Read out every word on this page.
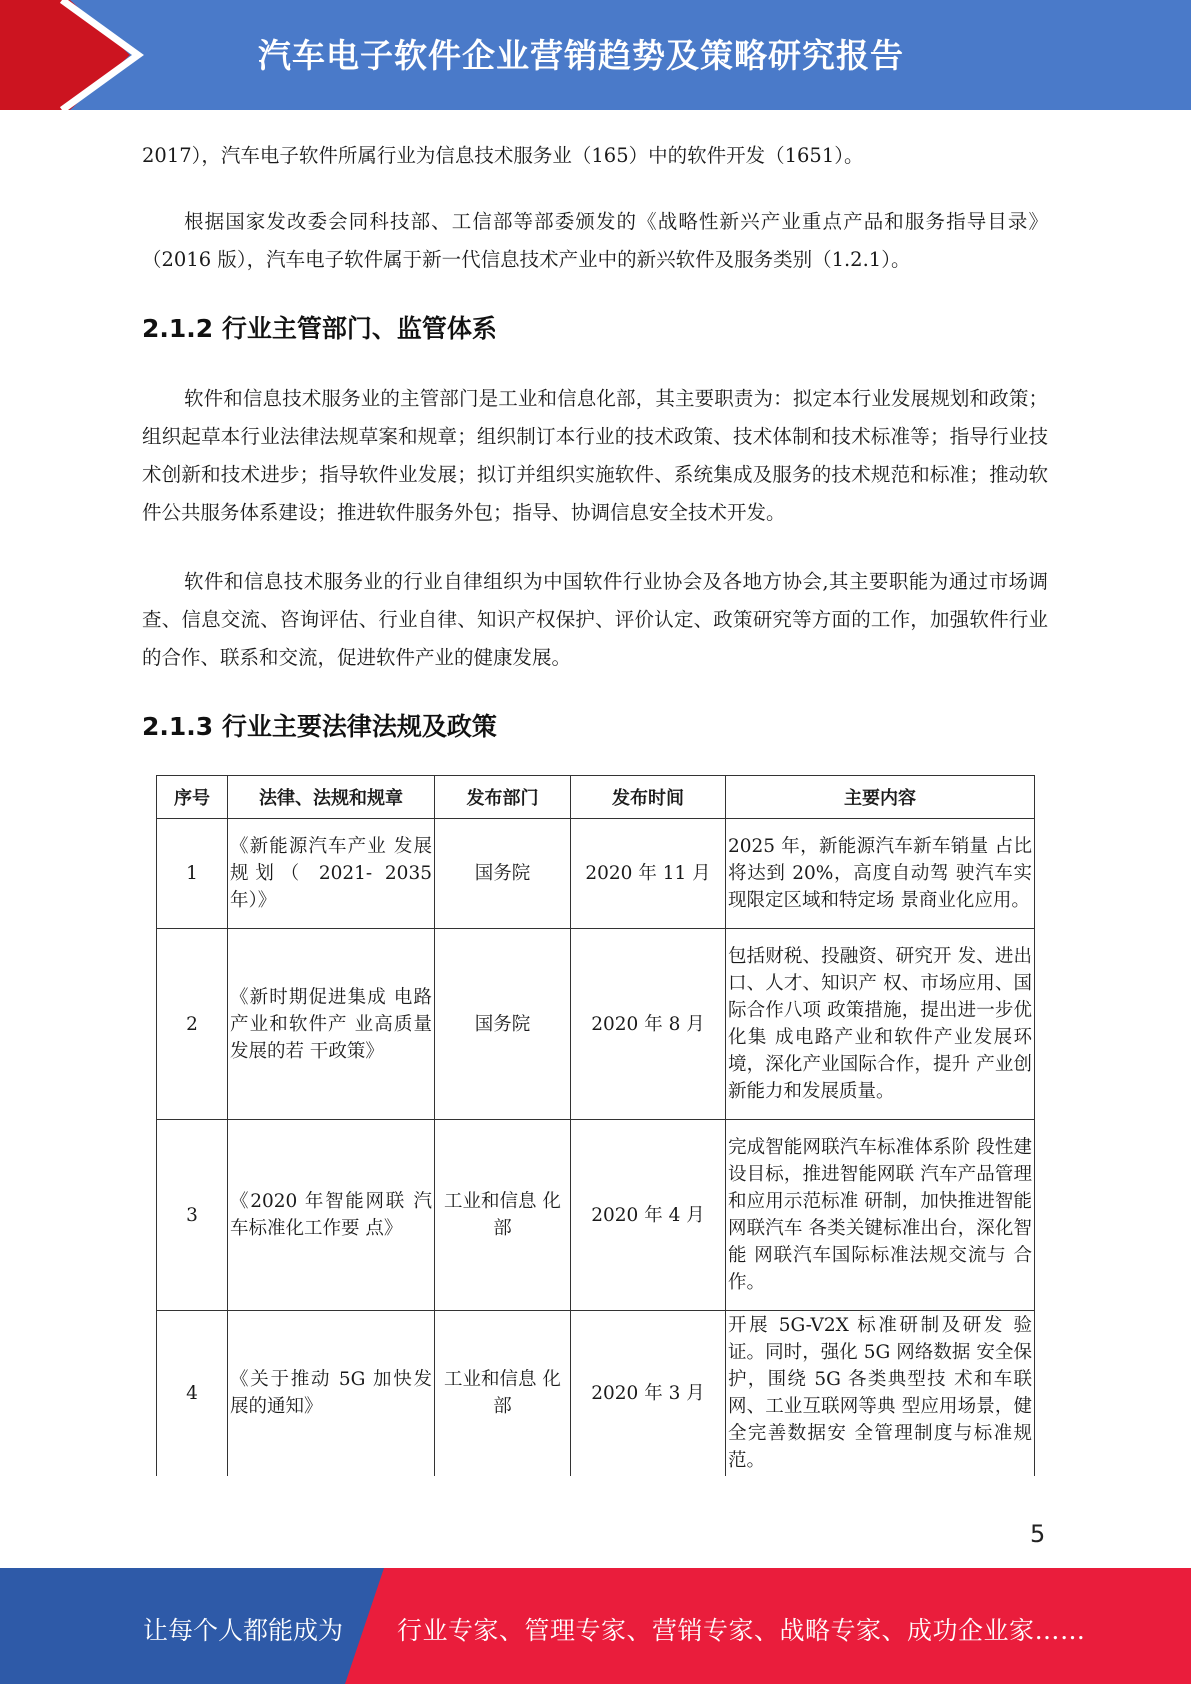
汽车电子软件企业营销趋势及策略研究报告

2017），汽车电子软件所属行业为信息技术服务业（165）中的软件开发（1651）。

根据国家发改委会同科技部、工信部等部委颁发的《战略性新兴产业重点产品和服务指导目录》（2016 版），汽车电子软件属于新一代信息技术产业中的新兴软件及服务类别（1.2.1）。

2.1.2 行业主管部门、监管体系

软件和信息技术服务业的主管部门是工业和信息化部，其主要职责为：拟定本行业发展规划和政策；组织起草本行业法律法规草案和规章；组织制订本行业的技术政策、技术体制和技术标准等；指导行业技术创新和技术进步；指导软件业发展；拟订并组织实施软件、系统集成及服务的技术规范和标准；推动软件公共服务体系建设；推进软件服务外包；指导、协调信息安全技术开发。

软件和信息技术服务业的行业自律组织为中国软件行业协会及各地方协会,其主要职能为通过市场调查、信息交流、咨询评估、行业自律、知识产权保护、评价认定、政策研究等方面的工作，加强软件行业的合作、联系和交流，促进软件产业的健康发展。

2.1.3 行业主要法律法规及政策
序号	法律、法规和规章	发布部门	发布时间	主要内容
1	《新能源汽车产业 发展规划（ 2021- 2035 年）》	国务院	2020 年 11 月	2025 年，新能源汽车新车销量 占比将达到 20%，高度自动驾 驶汽车实现限定区域和特定场 景商业化应用。
2	《新时期促进集成 电路产业和软件产 业高质量发展的若 干政策》	国务院	2020 年 8 月	包括财税、投融资、研究开 发、进出口、人才、知识产 权、市场应用、国际合作八项 政策措施，提出进一步优化集 成电路产业和软件产业发展环 境，深化产业国际合作，提升 产业创新能力和发展质量。
3	《2020 年智能网联 汽车标准化工作要 点》	工业和信息 化部	2020 年 4 月	完成智能网联汽车标准体系阶 段性建设目标，推进智能网联 汽车产品管理和应用示范标准 研制，加快推进智能网联汽车 各类关键标准出台，深化智能 网联汽车国际标准法规交流与 合作。
4	《关于推动 5G 加快发展的通知》	工业和信息 化部	2020 年 3 月	开展 5G-V2X 标准研制及研发 验证。同时，强化 5G 网络数据 安全保护，围绕 5G 各类典型技 术和车联网、工业互联网等典 型应用场景，健全完善数据安 全管理制度与标准规范。
5
让每个人都能成为 行业专家、管理专家、营销专家、战略专家、成功企业家……
